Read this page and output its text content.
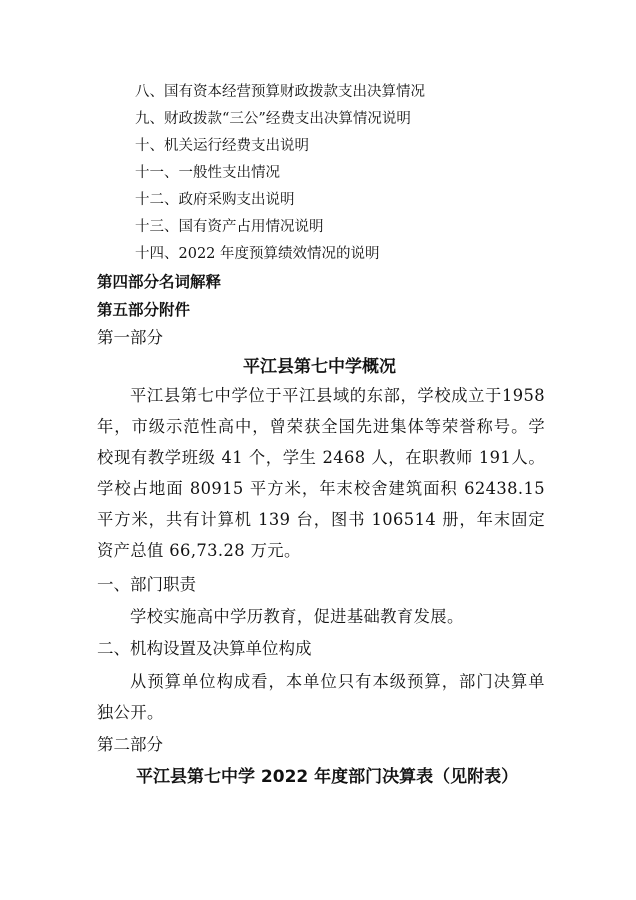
八、国有资本经营预算财政拨款支出决算情况

九、财政拨款“三公”经费支出决算情况说明

十、机关运行经费支出说明

十一、一般性支出情况

十二、政府采购支出说明

十三、国有资产占用情况说明

十四、2022 年度预算绩效情况的说明

第四部分名词解释

第五部分附件

第一部分

平江县第七中学概况

平江县第七中学位于平江县域的东部，学校成立于1958 年，市级示范性高中，曾荣获全国先进集体等荣誉称号。学校现有教学班级 41 个，学生 2468 人，在职教师 191人。学校占地面 80915 平方米，年末校舍建筑面积 62438.15平方米，共有计算机 139 台，图书 106514 册，年末固定资产总值 66,73.28 万元。

一、部门职责

学校实施高中学历教育，促进基础教育发展。

二、机构设置及决算单位构成

从预算单位构成看，本单位只有本级预算，部门决算单独公开。

第二部分

平江县第七中学 2022 年度部门决算表（见附表）
